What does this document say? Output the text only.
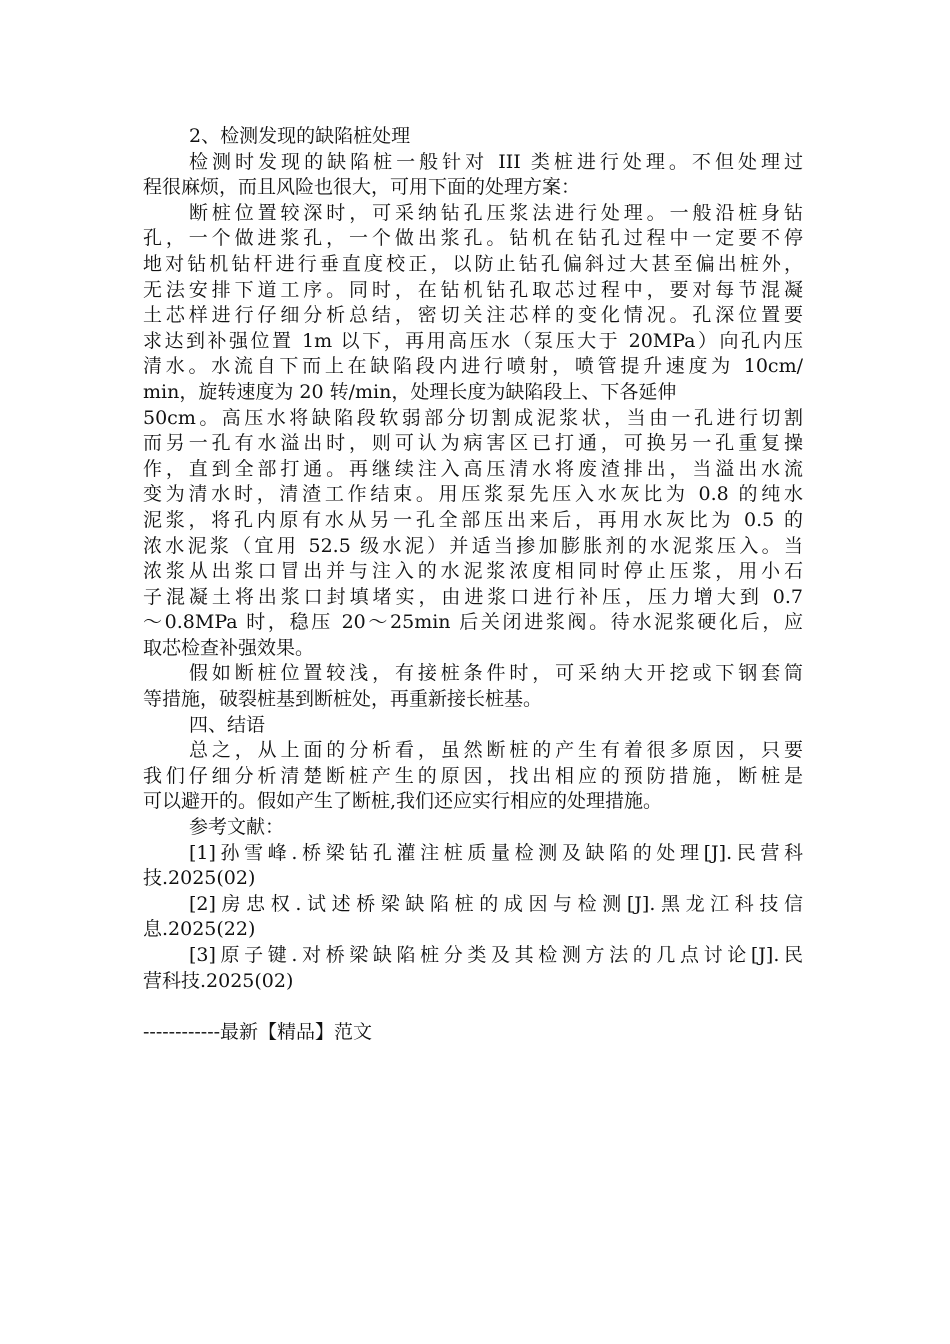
2、检测发现的缺陷桩处理
检测时发现的缺陷桩一般针对 III 类桩进行处理。不但处理过
程很麻烦，而且风险也很大，可用下面的处理方案：
断桩位置较深时，可采纳钻孔压浆法进行处理。一般沿桩身钻
孔，一个做进浆孔，一个做出浆孔。钻机在钻孔过程中一定要不停
地对钻机钻杆进行垂直度校正，以防止钻孔偏斜过大甚至偏出桩外，
无法安排下道工序。同时，在钻机钻孔取芯过程中，要对每节混凝
土芯样进行仔细分析总结，密切关注芯样的变化情况。孔深位置要
求达到补强位置 1m 以下，再用高压水（泵压大于 20MPa）向孔内压
清水。水流自下而上在缺陷段内进行喷射，喷管提升速度为 10cm/
min，旋转速度为 20 转/min，处理长度为缺陷段上、下各延伸
50cm。高压水将缺陷段软弱部分切割成泥浆状，当由一孔进行切割
而另一孔有水溢出时，则可认为病害区已打通，可换另一孔重复操
作，直到全部打通。再继续注入高压清水将废渣排出，当溢出水流
变为清水时，清渣工作结束。用压浆泵先压入水灰比为 0.8 的纯水
泥浆，将孔内原有水从另一孔全部压出来后，再用水灰比为 0.5 的
浓水泥浆（宜用 52.5 级水泥）并适当掺加膨胀剂的水泥浆压入。当
浓浆从出浆口冒出并与注入的水泥浆浓度相同时停止压浆，用小石
子混凝土将出浆口封填堵实，由进浆口进行补压，压力增大到 0.7
～0.8MPa 时，稳压 20～25min 后关闭进浆阀。待水泥浆硬化后，应
取芯检查补强效果。
假如断桩位置较浅，有接桩条件时，可采纳大开挖或下钢套筒
等措施，破裂桩基到断桩处，再重新接长桩基。
四、结语
总之，从上面的分析看，虽然断桩的产生有着很多原因，只要
我们仔细分析清楚断桩产生的原因，找出相应的预防措施，断桩是
可以避开的。假如产生了断桩,我们还应实行相应的处理措施。
参考文献：
[1]孙雪峰.桥梁钻孔灌注桩质量检测及缺陷的处理[J].民营科
技.2025(02)
[2]房忠权.试述桥梁缺陷桩的成因与检测[J].黑龙江科技信
息.2025(22)
[3]原子键.对桥梁缺陷桩分类及其检测方法的几点讨论[J].民
营科技.2025(02)
------------最新【精品】范文
